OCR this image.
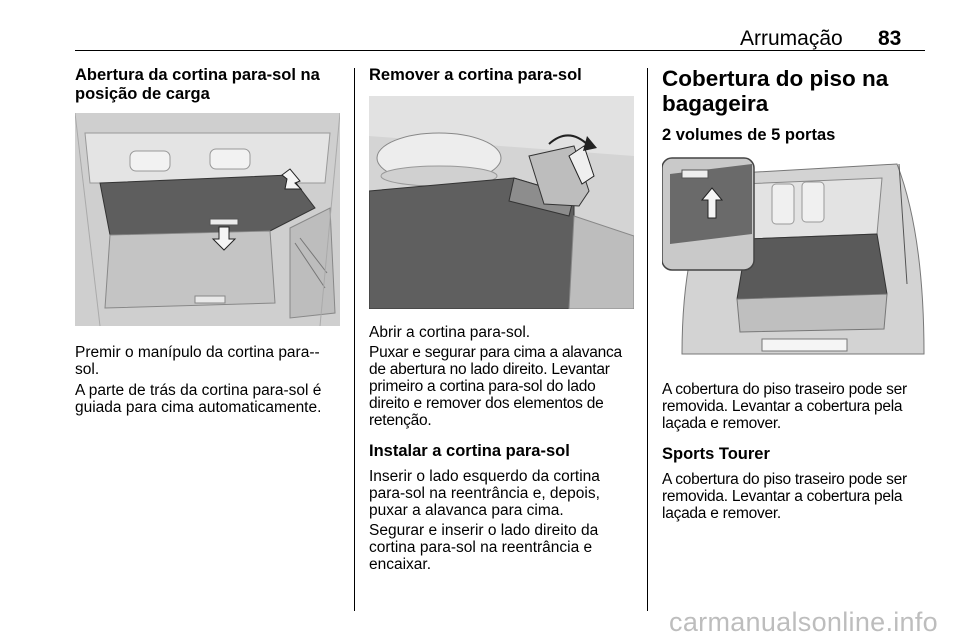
Arrumação 83
Abertura da cortina para-sol na posição de carga

Premir o manípulo da cortina para--sol.

A parte de trás da cortina para-sol é guiada para cima automaticamente.

Remover a cortina para-sol

Abrir a cortina para-sol.

Puxar e segurar para cima a alavanca de abertura no lado direito. Levantar primeiro a cortina para-sol do lado direito e remover dos elementos de retenção.

Instalar a cortina para-sol

Inserir o lado esquerdo da cortina para-sol na reentrância e, depois, puxar a alavanca para cima.

Segurar e inserir o lado direito da cortina para-sol na reentrância e encaixar.

Cobertura do piso na bagageira
2 volumes de 5 portas

A cobertura do piso traseiro pode ser removida. Levantar a cobertura pela laçada e remover.

Sports Tourer

A cobertura do piso traseiro pode ser removida. Levantar a cobertura pela laçada e remover.

carmanualsonline.info
